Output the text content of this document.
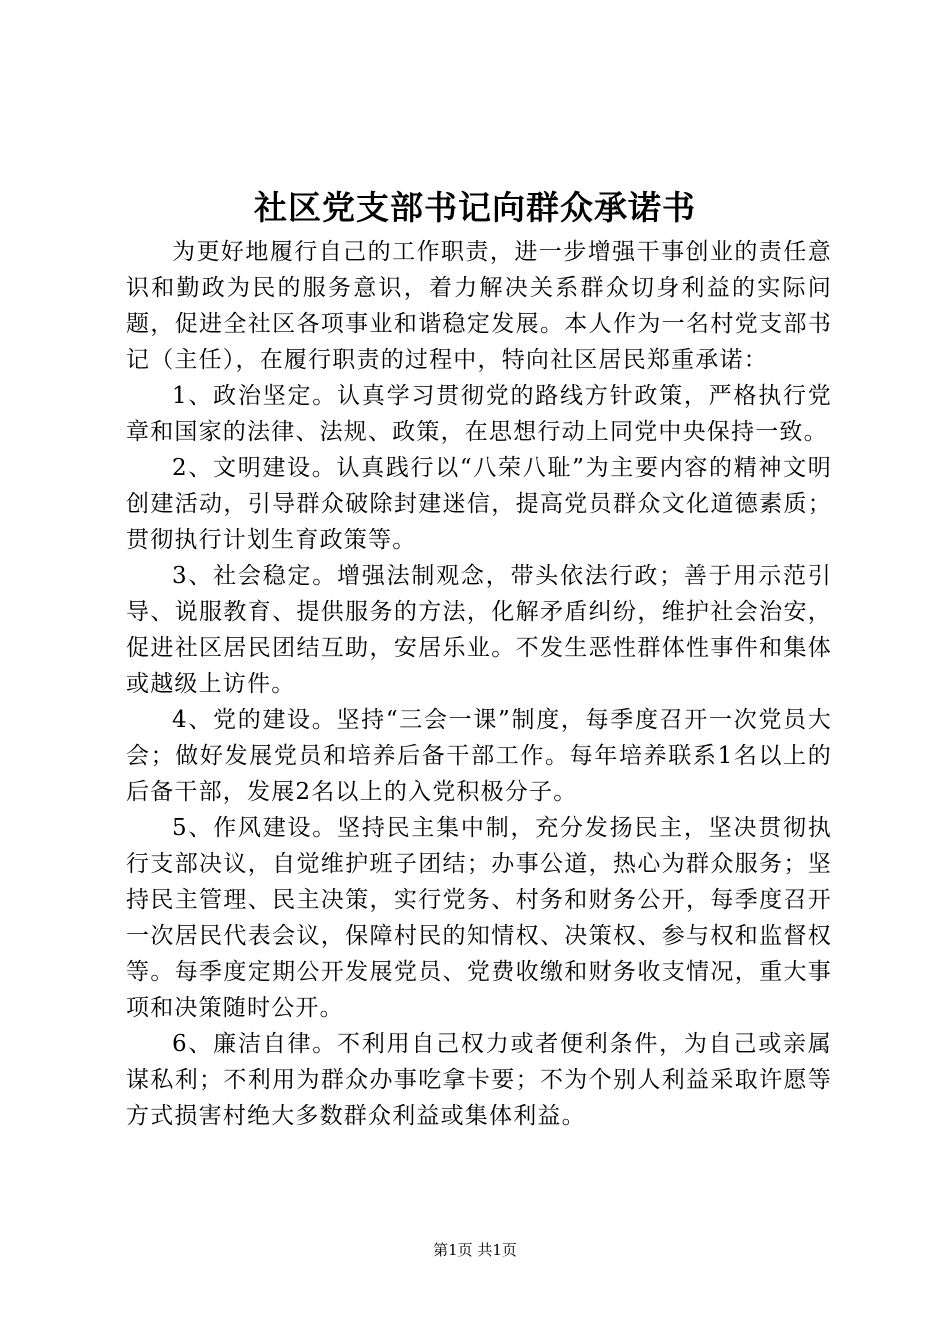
社区党支部书记向群众承诺书

为更好地履行自己的工作职责，进一步增强干事创业的责任意识和勤政为民的服务意识，着力解决关系群众切身利益的实际问题，促进全社区各项事业和谐稳定发展。本人作为一名村党支部书记（主任），在履行职责的过程中，特向社区居民郑重承诺：

1、政治坚定。认真学习贯彻党的路线方针政策，严格执行党章和国家的法律、法规、政策，在思想行动上同党中央保持一致。

2、文明建设。认真践行以“八荣八耻”为主要内容的精神文明创建活动，引导群众破除封建迷信，提高党员群众文化道德素质；贯彻执行计划生育政策等。

3、社会稳定。增强法制观念，带头依法行政；善于用示范引导、说服教育、提供服务的方法，化解矛盾纠纷，维护社会治安，促进社区居民团结互助，安居乐业。不发生恶性群体性事件和集体或越级上访件。

4、党的建设。坚持“三会一课”制度，每季度召开一次党员大会；做好发展党员和培养后备干部工作。每年培养联系1名以上的后备干部，发展2名以上的入党积极分子。

5、作风建设。坚持民主集中制，充分发扬民主，坚决贯彻执行支部决议，自觉维护班子团结；办事公道，热心为群众服务；坚持民主管理、民主决策，实行党务、村务和财务公开，每季度召开一次居民代表会议，保障村民的知情权、决策权、参与权和监督权等。每季度定期公开发展党员、党费收缴和财务收支情况，重大事项和决策随时公开。

6、廉洁自律。不利用自己权力或者便利条件，为自己或亲属谋私利；不利用为群众办事吃拿卡要；不为个别人利益采取许愿等方式损害村绝大多数群众利益或集体利益。

第1页 共1页
